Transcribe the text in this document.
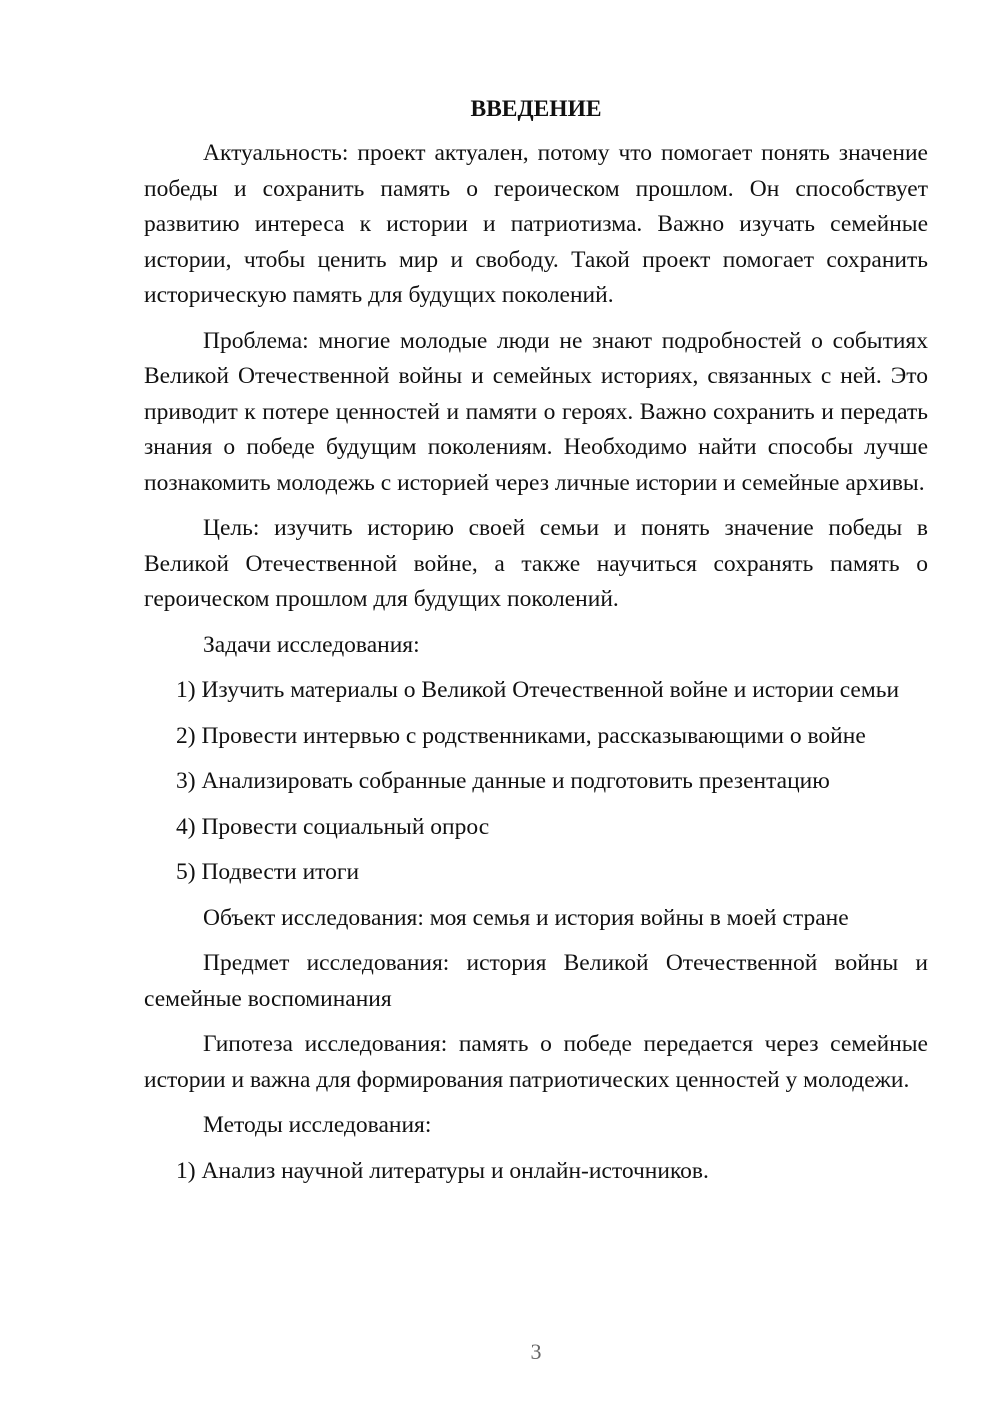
ВВЕДЕНИЕ

Актуальность: проект актуален, потому что помогает понять значение победы и сохранить память о героическом прошлом. Он способствует развитию интереса к истории и патриотизма. Важно изучать семейные истории, чтобы ценить мир и свободу. Такой проект помогает сохранить историческую память для будущих поколений.

Проблема: многие молодые люди не знают подробностей о событиях Великой Отечественной войны и семейных историях, связанных с ней. Это приводит к потере ценностей и памяти о героях. Важно сохранить и передать знания о победе будущим поколениям. Необходимо найти способы лучше познакомить молодежь с историей через личные истории и семейные архивы.

Цель: изучить историю своей семьи и понять значение победы в Великой Отечественной войне, а также научиться сохранять память о героическом прошлом для будущих поколений.

Задачи исследования:

1) Изучить материалы о Великой Отечественной войне и истории семьи

2) Провести интервью с родственниками, рассказывающими о войне

3) Анализировать собранные данные и подготовить презентацию

4) Провести социальный опрос

5) Подвести итоги

Объект исследования: моя семья и история войны в моей стране

Предмет исследования: история Великой Отечественной войны и семейные воспоминания

Гипотеза исследования: память о победе передается через семейные истории и важна для формирования патриотических ценностей у молодежи.

Методы исследования:

1) Анализ научной литературы и онлайн-источников.

3
